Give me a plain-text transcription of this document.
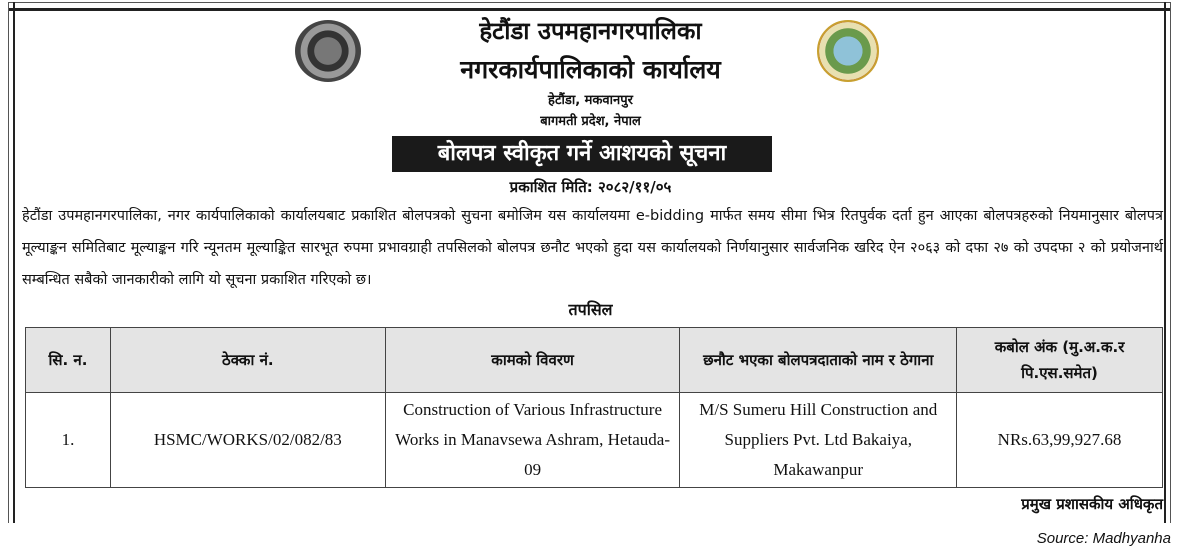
हेटौंडा उपमहानगरपालिका
नगरकार्यपालिकाको कार्यालय
हेटौंडा, मकवानपुर
बागमती प्रदेश, नेपाल
बोलपत्र स्वीकृत गर्ने आशयको सूचना
प्रकाशित मिति: २०८२/११/०५
हेटौंडा उपमहानगरपालिका, नगर कार्यपालिकाको कार्यालयबाट प्रकाशित बोलपत्रको सुचना बमोजिम यस कार्यालयमा e-bidding मार्फत समय सीमा भित्र रितपुर्वक दर्ता हुन आएका बोलपत्रहरुको नियमानुसार बोलपत्र मूल्याङ्कन समितिबाट मूल्याङ्कन गरि न्यूनतम मूल्याङ्कित सारभूत रुपमा प्रभावग्राही तपसिलको बोलपत्र छनौट भएको हुदा यस कार्यालयको निर्णयानुसार सार्वजनिक खरिद ऐन २०६३ को दफा २७ को उपदफा २ को प्रयोजनार्थ सम्बन्धित सबैको जानकारीको लागि यो सूचना प्रकाशित गरिएको छ।
तपसिल
सि. न.	ठेक्का नं.	कामको विवरण	छनौट भएका बोलपत्रदाताको नाम र ठेगाना	कबोल अंक (मु.अ.क.र पि.एस.समेत)
1.	HSMC/WORKS/02/082/83	Construction of Various Infrastructure Works in Manavsewa Ashram, Hetauda-09	M/S Sumeru Hill Construction and Suppliers Pvt. Ltd Bakaiya, Makawanpur	NRs.63,99,927.68
प्रमुख प्रशासकीय अधिकृत
Source: Madhyanha
